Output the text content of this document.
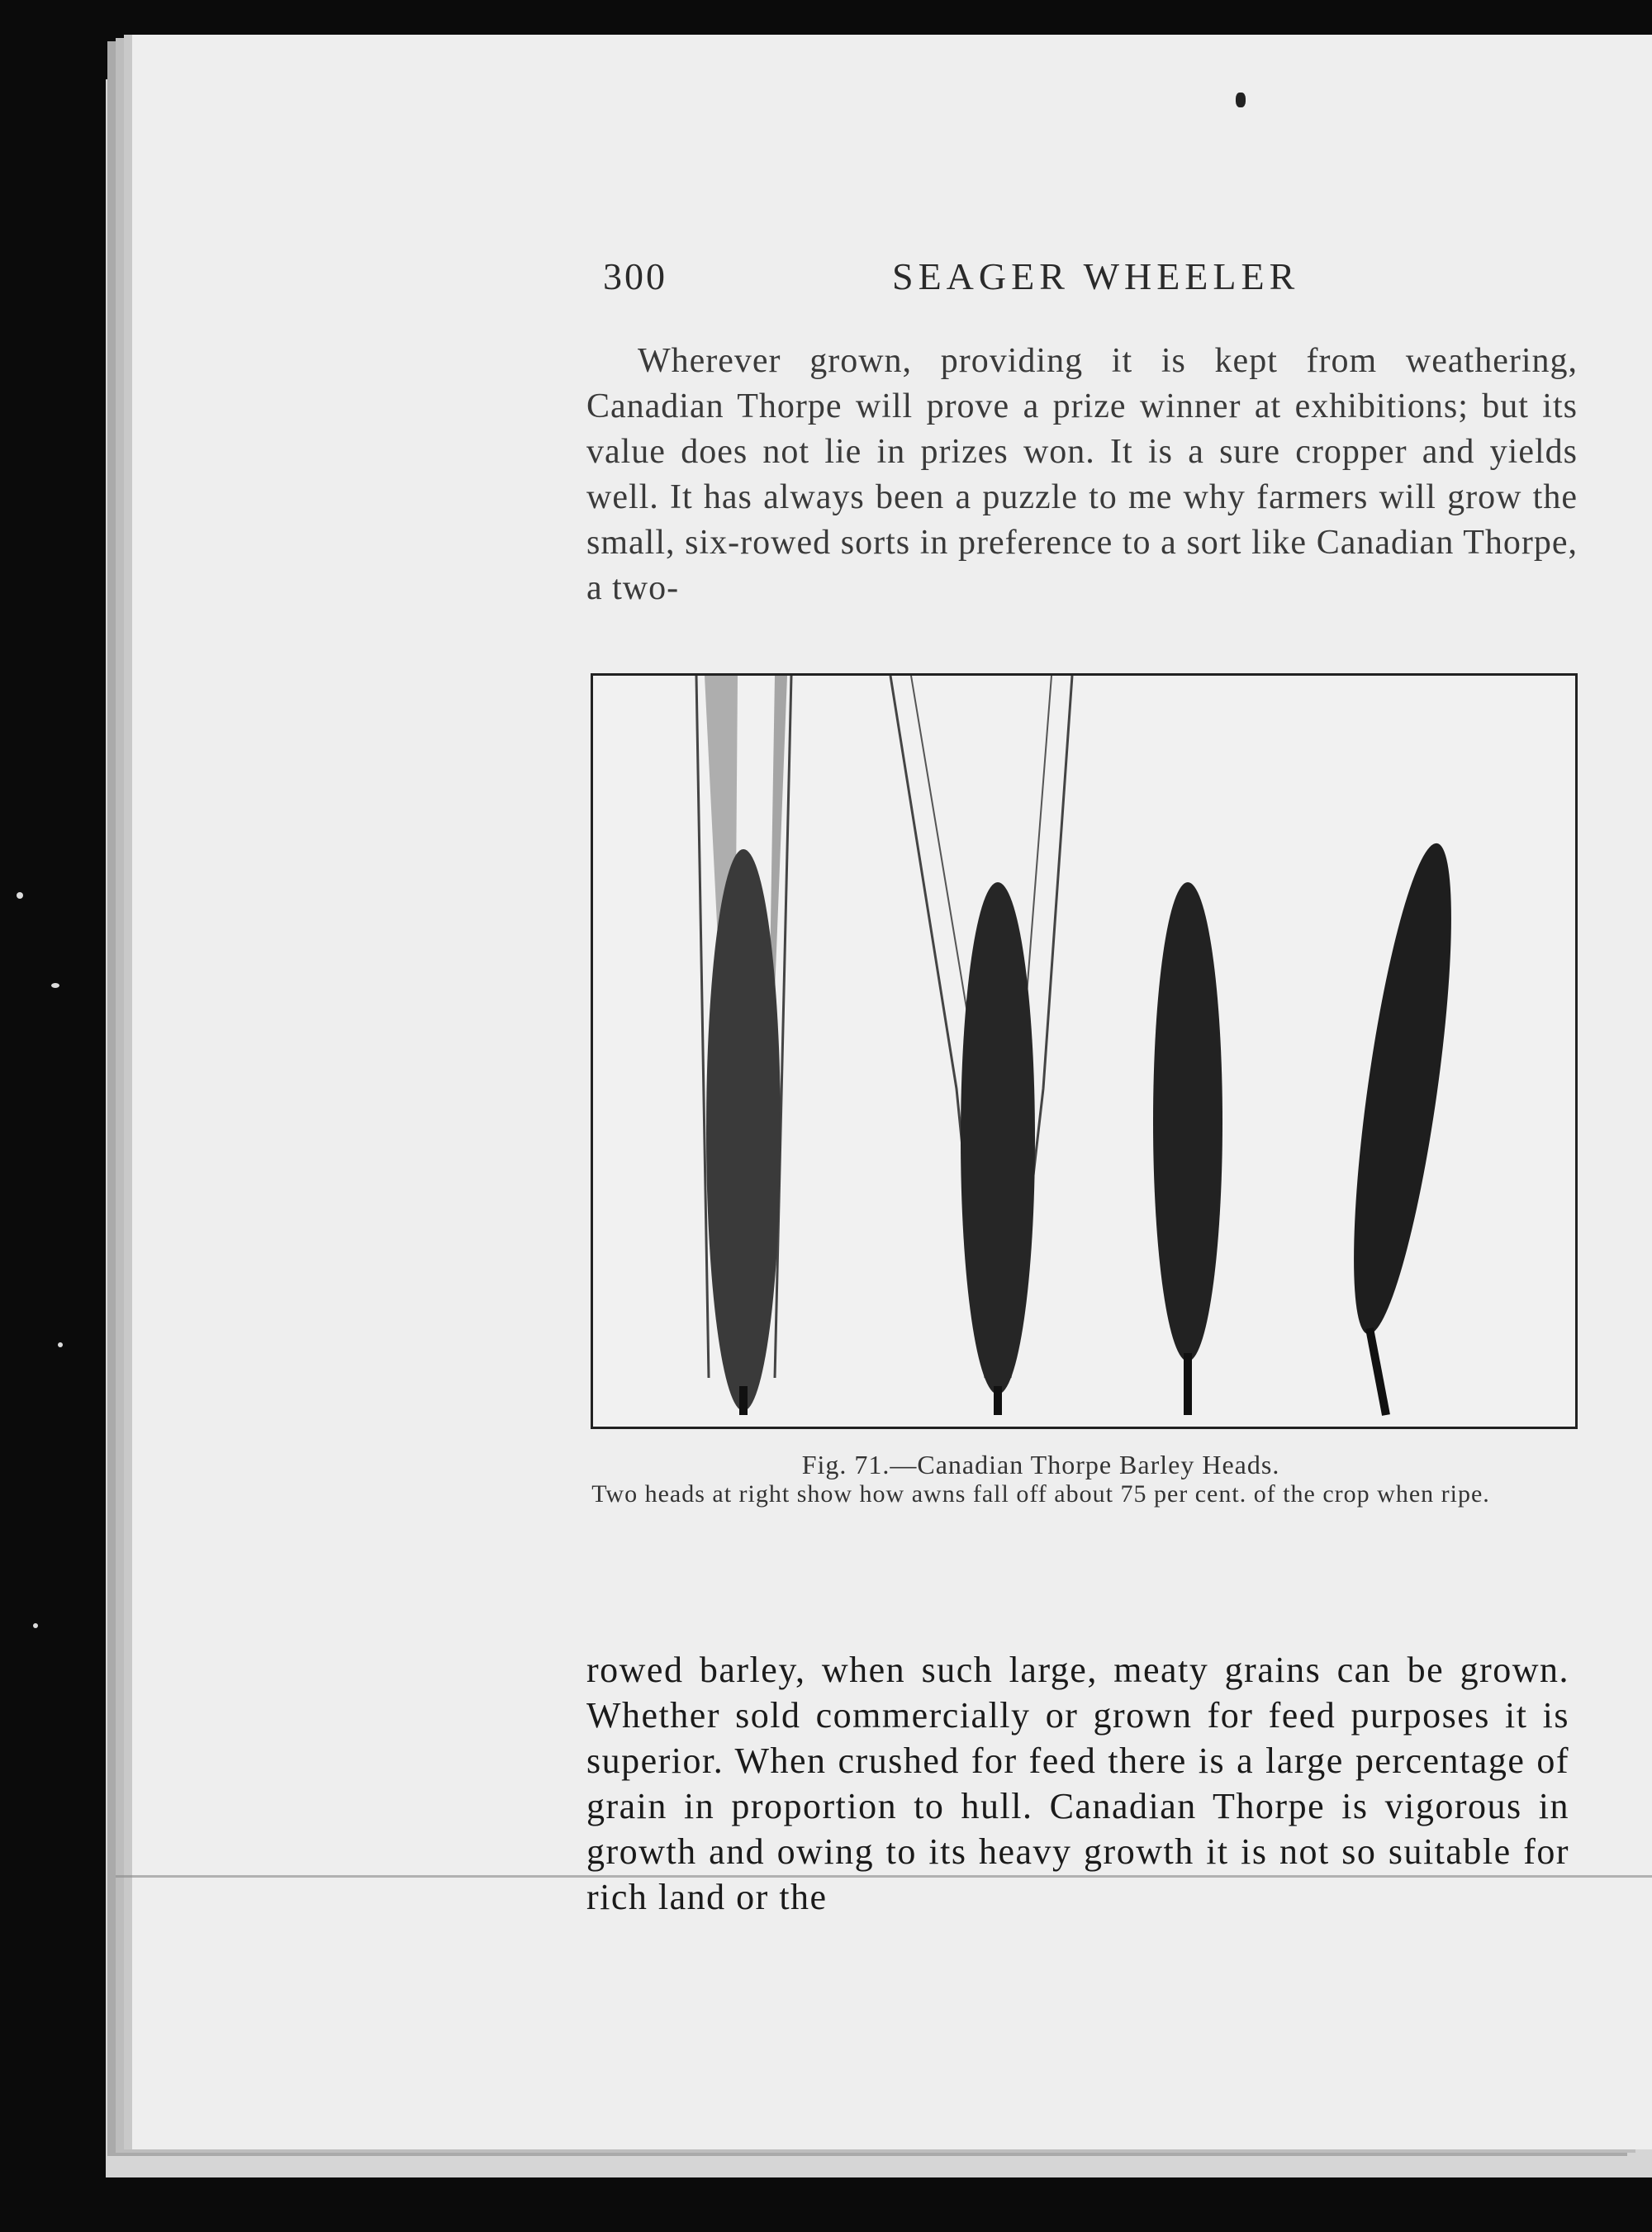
300	SEAGER WHEELER

Wherever grown, providing it is kept from weathering, Canadian Thorpe will prove a prize winner at exhibitions; but its value does not lie in prizes won. It is a sure cropper and yields well. It has always been a puzzle to me why farmers will grow the small, six-rowed sorts in preference to a sort like Canadian Thorpe, a two-

Fig. 71.—Canadian Thorpe Barley Heads.
Two heads at right show how awns fall off about 75 per cent. of the crop when ripe.

rowed barley, when such large, meaty grains can be grown. Whether sold commercially or grown for feed purposes it is superior. When crushed for feed there is a large percentage of grain in proportion to hull. Canadian Thorpe is vigorous in growth and owing to its heavy growth it is not so suitable for rich land or the
